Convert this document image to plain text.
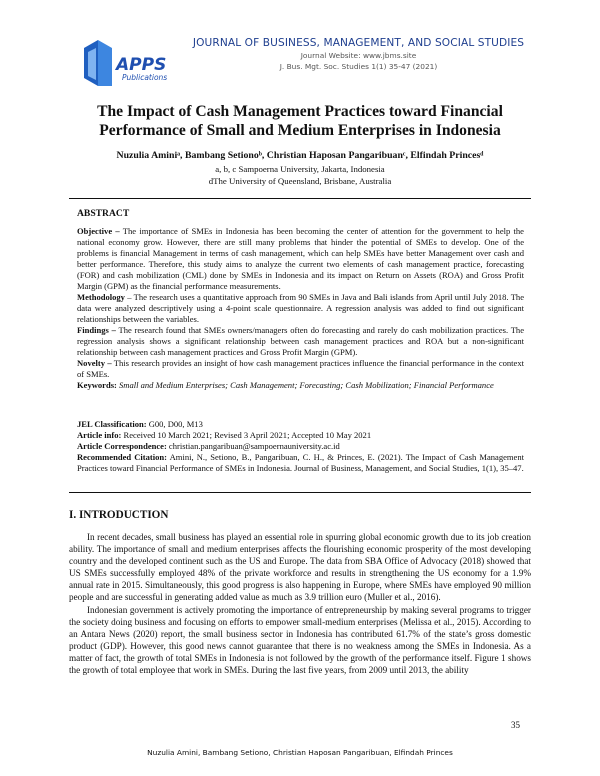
APPS
Publications
JOURNAL OF BUSINESS, MANAGEMENT, AND SOCIAL STUDIES
Journal Website: www.jbms.site
J. Bus. Mgt. Soc. Studies 1(1) 35-47 (2021)
The Impact of Cash Management Practices toward Financial
Performance of Small and Medium Enterprises in Indonesia
Nuzulia Aminiᵃ, Bambang Setionoᵇ, Christian Haposan Pangaribuanᶜ, Elfindah Princesᵈ
a, b, c Sampoerna University, Jakarta, Indonesia
dThe University of Queensland, Brisbane, Australia
ABSTRACT
Objective – The importance of SMEs in Indonesia has been becoming the center of attention for the government to help the national economy grow. However, there are still many problems that hinder the potential of SMEs to develop. One of the problems is financial Management in terms of cash management, which can help SMEs have better Management over cash and better performance. Therefore, this study aims to analyze the current two elements of cash management practice, forecasting (FOR) and cash mobilization (CML) done by SMEs in Indonesia and its impact on Return on Assets (ROA) and Gross Profit Margin (GPM) as the financial performance measurements.
Methodology – The research uses a quantitative approach from 90 SMEs in Java and Bali islands from April until July 2018. The data were analyzed descriptively using a 4-point scale questionnaire. A regression analysis was added to find out significant relationships between the variables.
Findings – The research found that SMEs owners/managers often do forecasting and rarely do cash mobilization practices. The regression analysis shows a significant relationship between cash management practices and ROA but a non-significant relationship between cash management practices and Gross Profit Margin (GPM).
Novelty – This research provides an insight of how cash management practices influence the financial performance in the context of SMEs.
Keywords: Small and Medium Enterprises; Cash Management; Forecasting; Cash Mobilization; Financial Performance
JEL Classification: G00, D00, M13
Article info: Received 10 March 2021; Revised 3 April 2021; Accepted 10 May 2021
Article Correspondence: christian.pangaribuan@sampoernauniversity.ac.id
Recommended Citation: Amini, N., Setiono, B., Pangaribuan, C. H., & Princes, E. (2021). The Impact of Cash Management Practices toward Financial Performance of SMEs in Indonesia. Journal of Business, Management, and Social Studies, 1(1), 35–47.
I. INTRODUCTION

In recent decades, small business has played an essential role in spurring global economic growth due to its job creation ability. The importance of small and medium enterprises affects the flourishing economic prosperity of the most developing country and the developed continent such as the US and Europe. The data from SBA Office of Advocacy (2018) showed that US SMEs successfully employed 48% of the private workforce and results in strengthening the US economy for a 1.9% annual rate in 2015. Simultaneously, this good progress is also happening in Europe, where SMEs have employed 90 million people and are successful in generating added value as much as 3.9 trillion euro (Muller et al., 2016).

Indonesian government is actively promoting the importance of entrepreneurship by making several programs to trigger the society doing business and focusing on efforts to empower small-medium enterprises (Melissa et al., 2015). According to an Antara News (2020) report, the small business sector in Indonesia has contributed 61.7% of the state’s gross domestic product (GDP). However, this good news cannot guarantee that there is no weakness among the SMEs in Indonesia. As a matter of fact, the growth of total SMEs in Indonesia is not followed by the growth of the performance itself. Figure 1 shows the growth of total employee that work in SMEs. During the last five years, from 2009 until 2013, the ability

35
Nuzulia Amini, Bambang Setiono, Christian Haposan Pangaribuan, Elfindah Princes
